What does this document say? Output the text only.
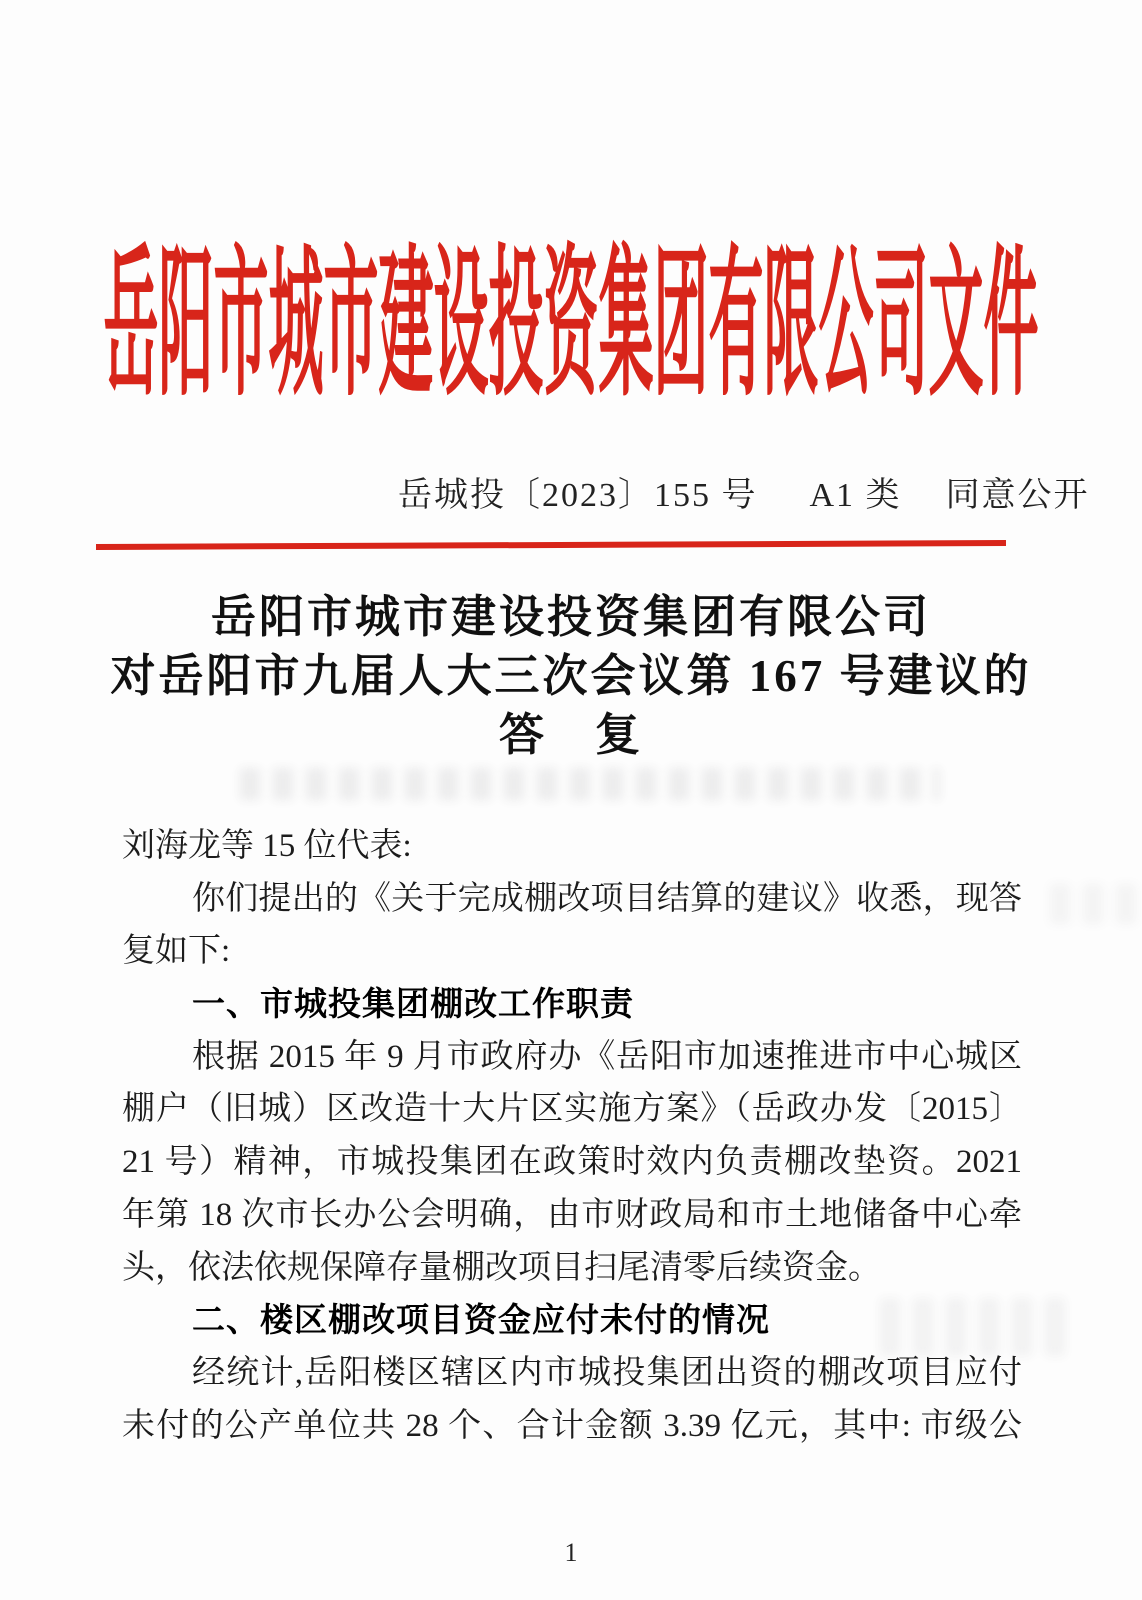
岳阳市城市建设投资集团有限公司文件
岳城投〔2023〕155 号 A1 类 同意公开
岳阳市城市建设投资集团有限公司
对岳阳市九届人大三次会议第 167 号建议的
答　复
刘海龙等 15 位代表:
你们提出的《关于完成棚改项目结算的建议》收悉，现答
复如下:
一、市城投集团棚改工作职责
根据 2015 年 9 月市政府办《岳阳市加速推进市中心城区
棚户（旧城）区改造十大片区实施方案》（岳政办发〔2015〕
21 号）精神，市城投集团在政策时效内负责棚改垫资。2021
年第 18 次市长办公会明确，由市财政局和市土地储备中心牵
头，依法依规保障存量棚改项目扫尾清零后续资金。
二、楼区棚改项目资金应付未付的情况
经统计,岳阳楼区辖区内市城投集团出资的棚改项目应付
未付的公产单位共 28 个、合计金额 3.39 亿元，其中: 市级公
1
